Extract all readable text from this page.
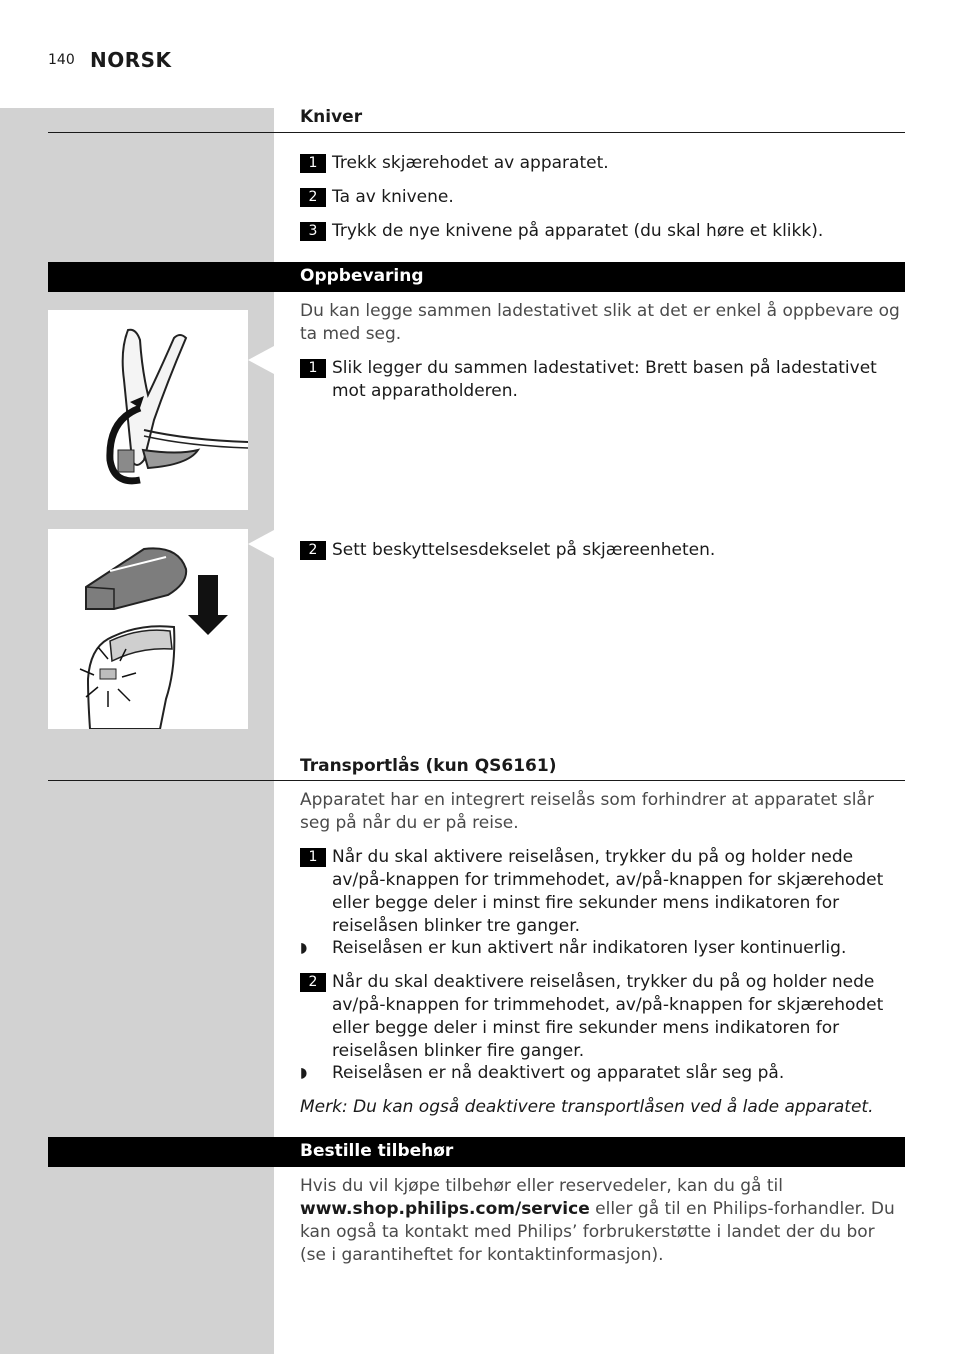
140 NORSK
Kniver
1 Trekk skjærehodet av apparatet.
2 Ta av knivene.
3 Trykk de nye knivene på apparatet (du skal høre et klikk).
Oppbevaring
Du kan legge sammen ladestativet slik at det er enkel å oppbevare og ta med seg.
1 Slik legger du sammen ladestativet: Brett basen på ladestativet mot apparatholderen.
2 Sett beskyttelsesdekselet på skjæreenheten.
Transportlås (kun QS6161)
Apparatet har en integrert reiselås som forhindrer at apparatet slår seg på når du er på reise.
1 Når du skal aktivere reiselåsen, trykker du på og holder nede av/på-knappen for trimmehodet, av/på-knappen for skjærehodet eller begge deler i minst fire sekunder mens indikatoren for reiselåsen blinker tre ganger.
◗ Reiselåsen er kun aktivert når indikatoren lyser kontinuerlig.
2 Når du skal deaktivere reiselåsen, trykker du på og holder nede av/på-knappen for trimmehodet, av/på-knappen for skjærehodet eller begge deler i minst fire sekunder mens indikatoren for reiselåsen blinker fire ganger.
◗ Reiselåsen er nå deaktivert og apparatet slår seg på.
Merk: Du kan også deaktivere transportlåsen ved å lade apparatet.
Bestille tilbehør
Hvis du vil kjøpe tilbehør eller reservedeler, kan du gå til www.shop.philips.com/service eller gå til en Philips-forhandler. Du kan også ta kontakt med Philips’ forbrukerstøtte i landet der du bor (se i garantiheftet for kontaktinformasjon).
